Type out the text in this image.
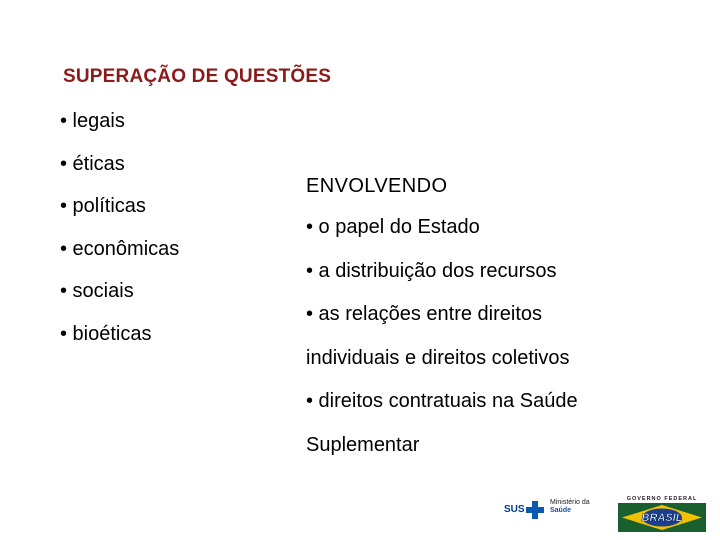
SUPERAÇÃO DE QUESTÕES
• legais
• éticas
• políticas
• econômicas
• sociais
• bioéticas
ENVOLVENDO
• o papel do Estado
• a distribuição dos recursos
• as relações entre direitos
individuais e direitos coletivos
• direitos contratuais na Saúde
Suplementar
SUS
Ministério da
Saúde
GOVERNO FEDERAL
BRASIL
